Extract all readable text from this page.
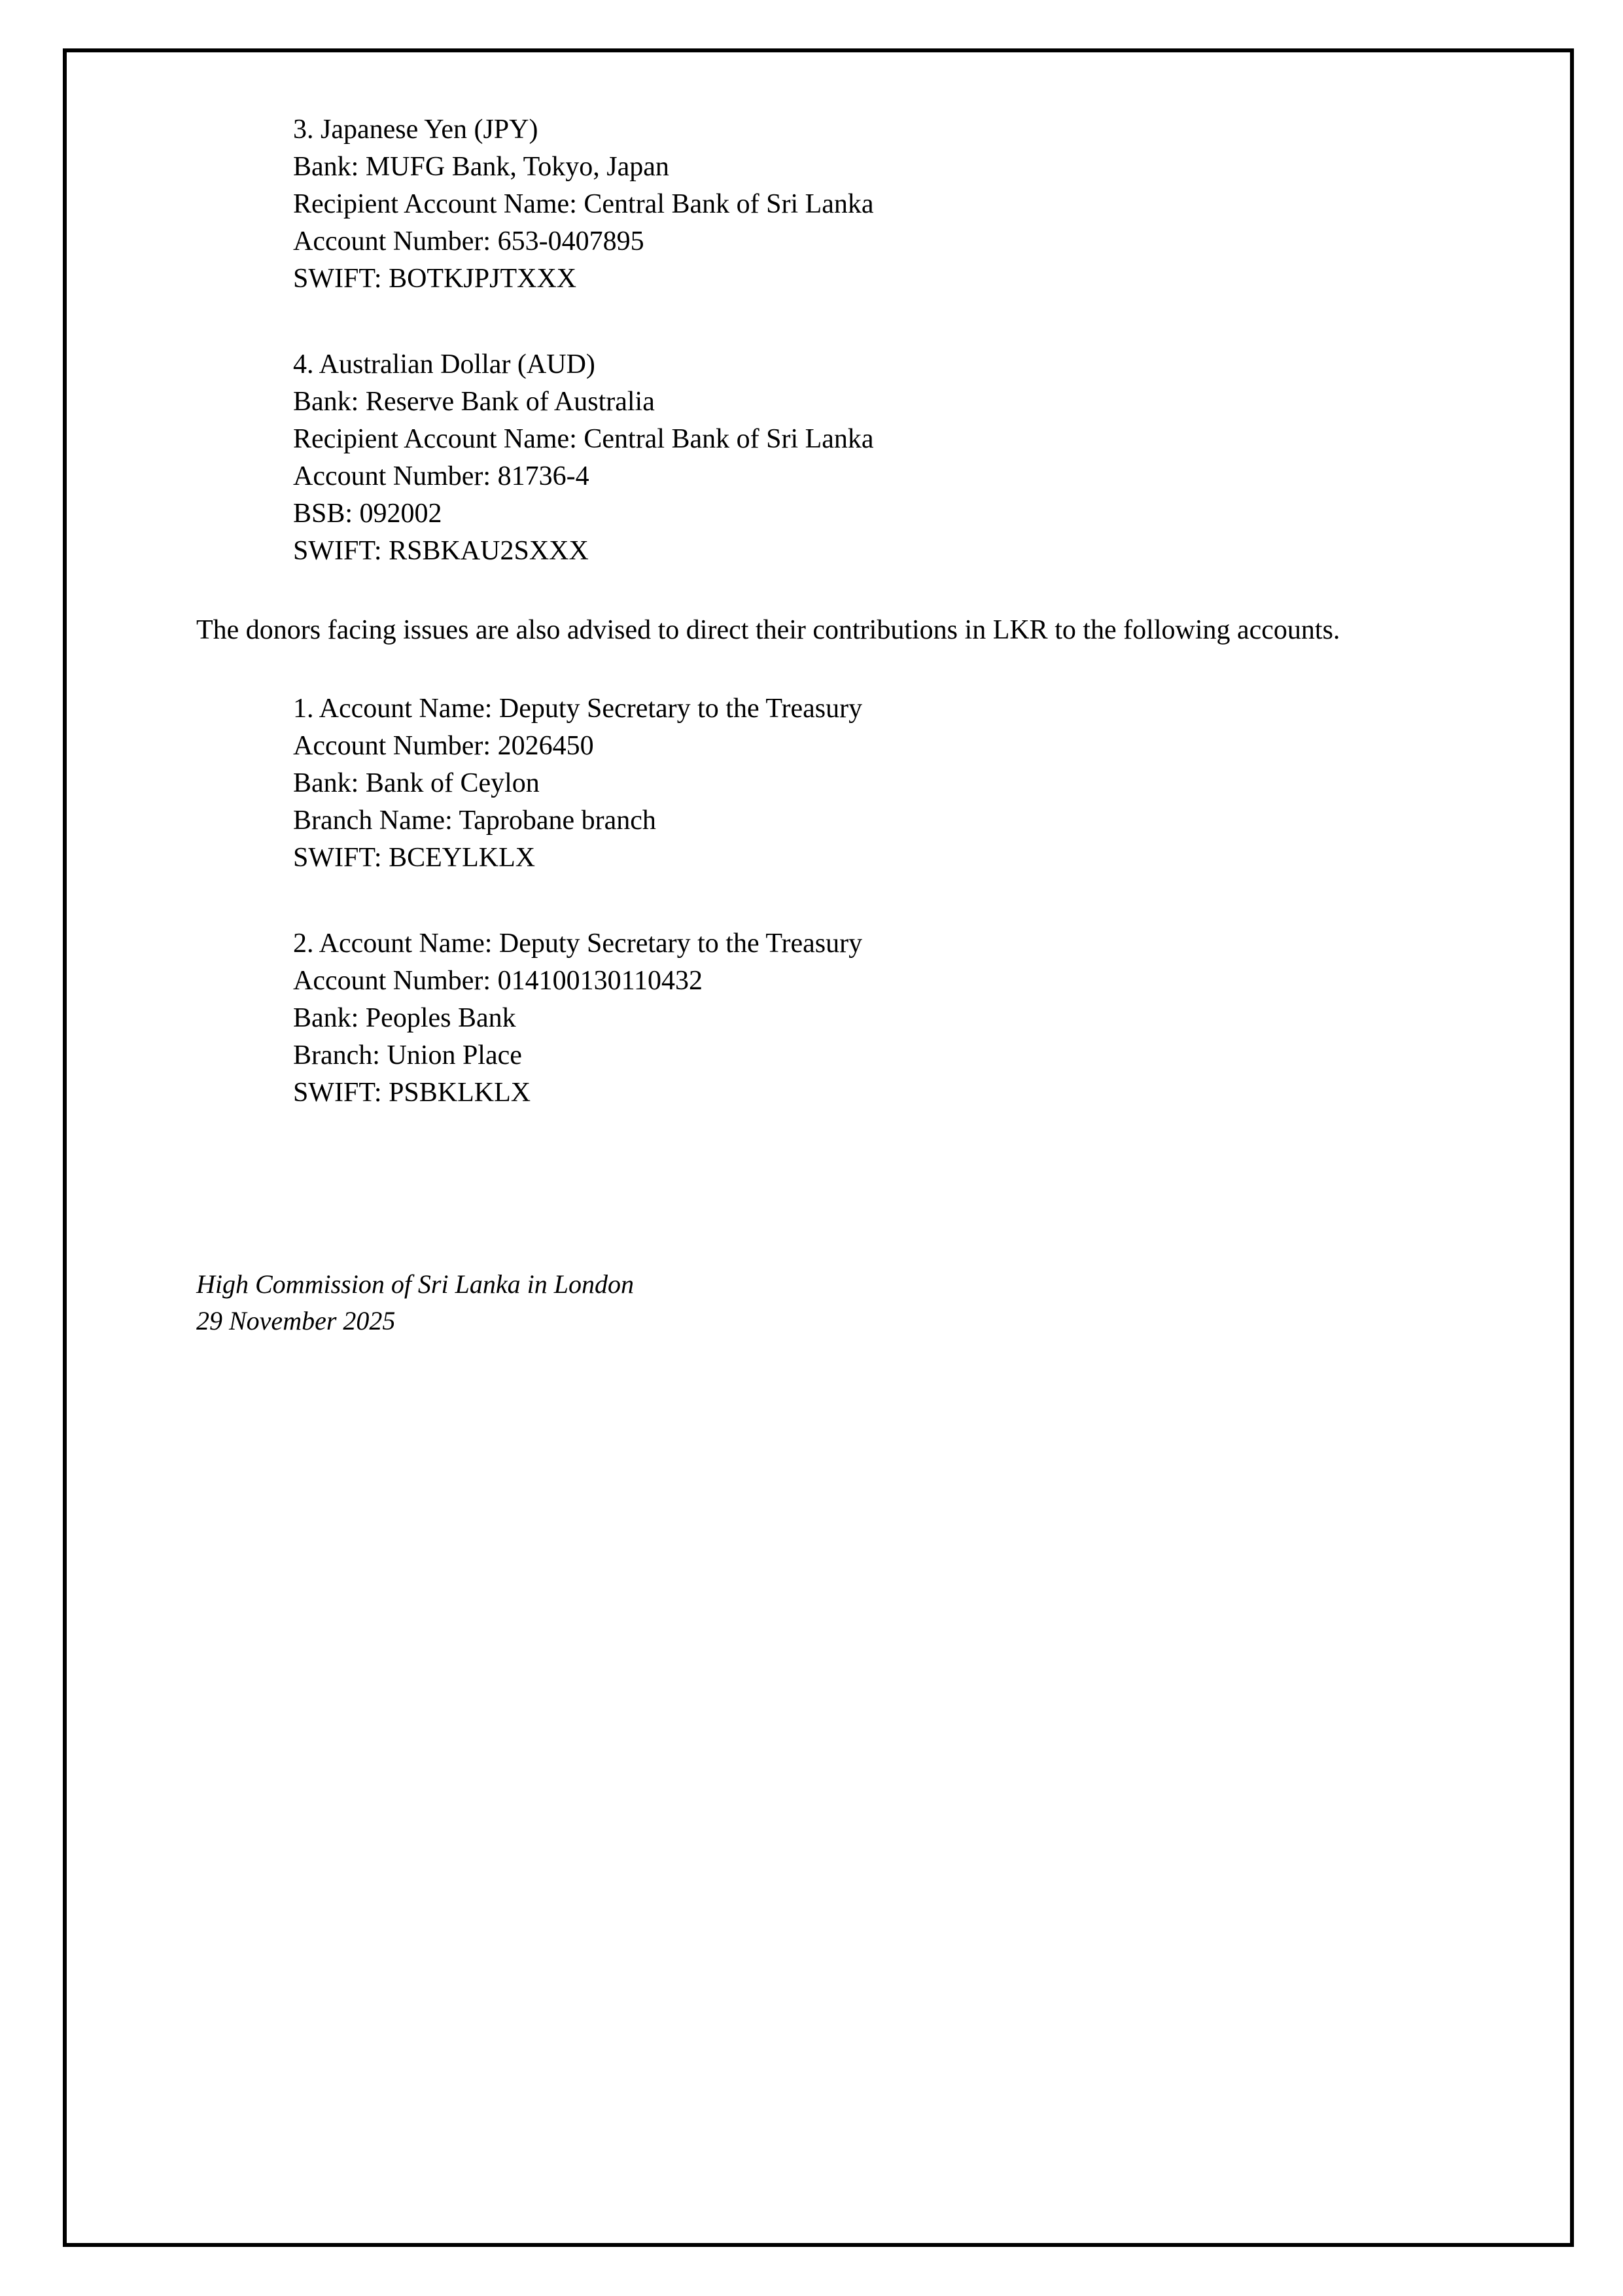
3. Japanese Yen (JPY)
Bank: MUFG Bank, Tokyo, Japan
Recipient Account Name: Central Bank of Sri Lanka
Account Number: 653-0407895
SWIFT: BOTKJPJTXXX
4. Australian Dollar (AUD)
Bank: Reserve Bank of Australia
Recipient Account Name: Central Bank of Sri Lanka
Account Number: 81736-4
BSB: 092002
SWIFT: RSBKAU2SXXX

The donors facing issues are also advised to direct their contributions in LKR to the following accounts.

1. Account Name: Deputy Secretary to the Treasury
Account Number: 2026450
Bank: Bank of Ceylon
Branch Name: Taprobane branch
SWIFT: BCEYLKLX
2. Account Name: Deputy Secretary to the Treasury
Account Number: 014100130110432
Bank: Peoples Bank
Branch: Union Place
SWIFT: PSBKLKLX
High Commission of Sri Lanka in London
29 November 2025
